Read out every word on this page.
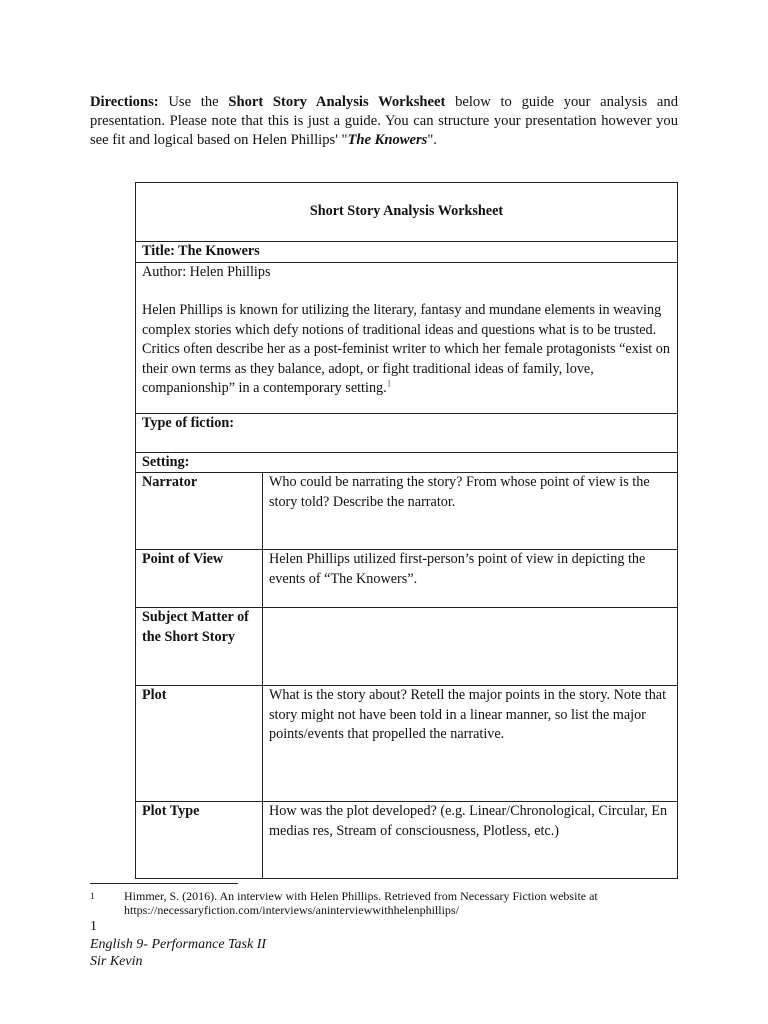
Directions: Use the Short Story Analysis Worksheet below to guide your analysis and presentation. Please note that this is just a guide. You can structure your presentation however you see fit and logical based on Helen Phillips' "The Knowers".
Short Story Analysis Worksheet	
Title: The Knowers	

Author: Helen Phillips
Helen Phillips is known for utilizing the literary, fantasy and mundane elements in weaving complex stories which defy notions of traditional ideas and questions what is to be trusted. Critics often describe her as a post-feminist writer to which her female protagonists “exist on their own terms as they balance, adopt, or fight traditional ideas of family, love, companionship” in a contemporary setting.$^1$

Type of fiction:	
Setting:	
Narrator	Who could be narrating the story? From whose point of view is the story told? Describe the narrator.
Point of View	Helen Phillips utilized first-person’s point of view in depicting the events of “The Knowers”.
Subject Matter of the Short Story	
Plot	What is the story about? Retell the major points in the story. Note that story might not have been told in a linear manner, so list the major points/events that propelled the narrative.
Plot Type	How was the plot developed? (e.g. Linear/Chronological, Circular, En medias res, Stream of consciousness, Plotless, etc.)
1 Himmer, S. (2016). An interview with Helen Phillips. Retrieved from Necessary Fiction website at
https://necessaryfiction.com/interviews/aninterviewwithhelenphillips/
1
English 9- Performance Task II
Sir Kevin
